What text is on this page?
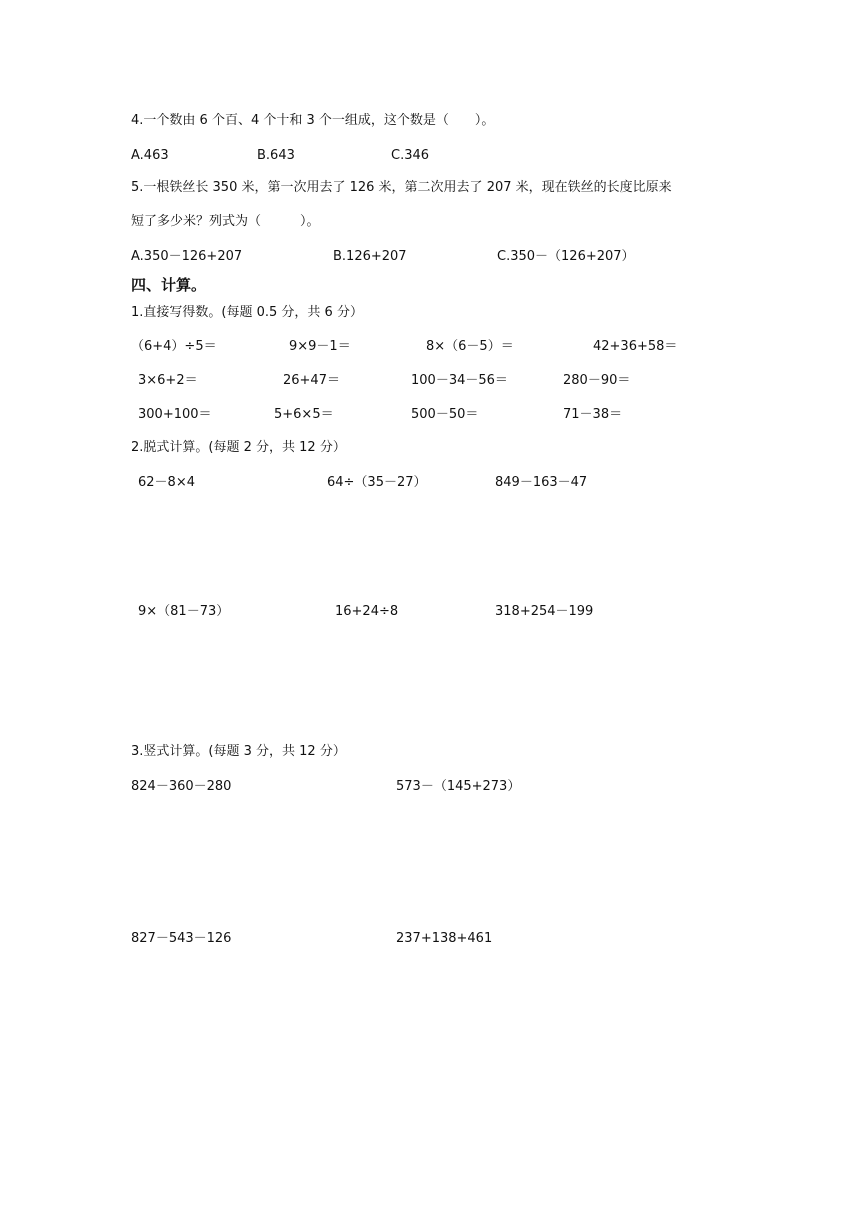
4.一个数由 6 个百、4 个十和 3 个一组成，这个数是（　　）。
A.463	B.643	C.346
5.一根铁丝长 350 米，第一次用去了 126 米，第二次用去了 207 米，现在铁丝的长度比原来
短了多少米？列式为（　　　）。
A.350－126+207	B.126+207	C.350－（126+207）
四、计算。
1.直接写得数。(每题 0.5 分，共 6 分）
（6+4）÷5＝	9×9－1＝	8×（6－5）＝	42+36+58＝
3×6+2＝	26+47＝	100－34－56＝	280－90＝
300+100＝	5+6×5＝	500－50＝	71－38＝
2.脱式计算。(每题 2 分，共 12 分）
62－8×4	64÷（35－27）	849－163－47
9×（81－73）	16+24÷8	318+254－199
3.竖式计算。(每题 3 分，共 12 分）
824－360－280	573－（145+273）
827－543－126	237+138+461
